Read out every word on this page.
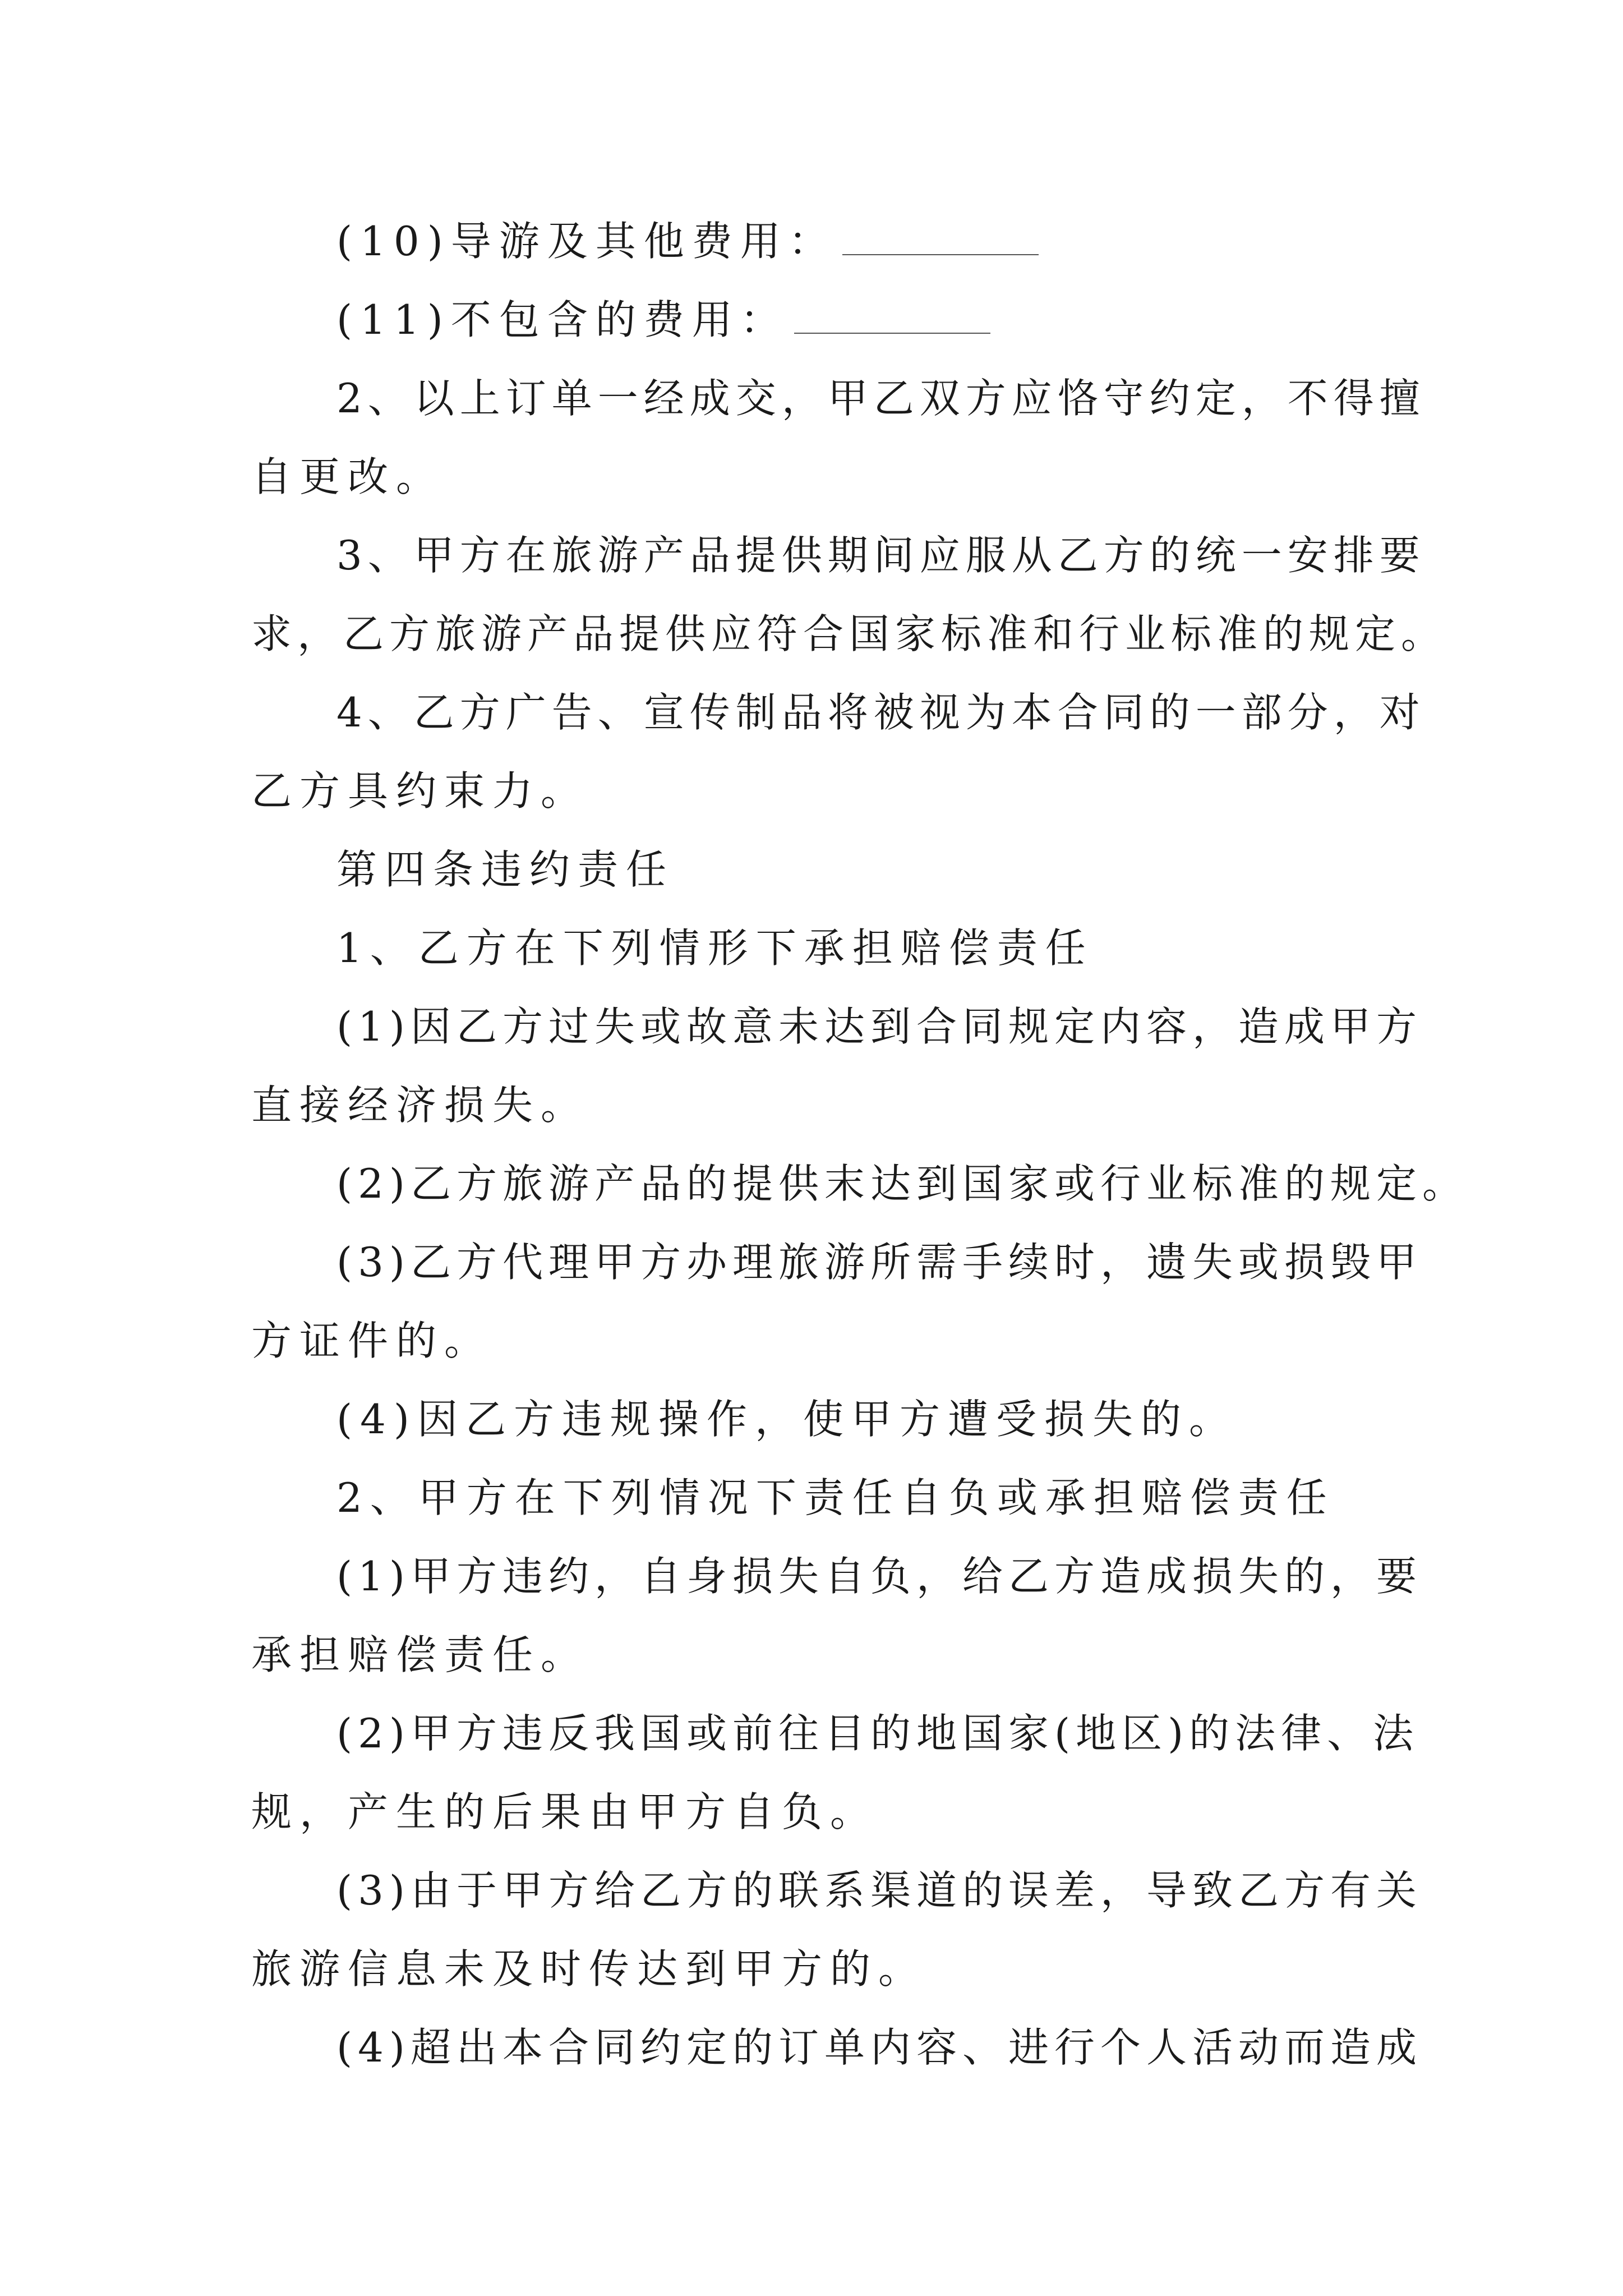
(10)导游及其他费用：
(11)不包含的费用：
2、以上订单一经成交，甲乙双方应恪守约定，不得擅
自更改。
3、甲方在旅游产品提供期间应服从乙方的统一安排要
求，乙方旅游产品提供应符合国家标准和行业标准的规定。
4、乙方广告、宣传制品将被视为本合同的一部分，对
乙方具约束力。
第四条违约责任
1、乙方在下列情形下承担赔偿责任
(1)因乙方过失或故意未达到合同规定内容，造成甲方
直接经济损失。
(2)乙方旅游产品的提供末达到国家或行业标准的规定。
(3)乙方代理甲方办理旅游所需手续时，遗失或损毁甲
方证件的。
(4)因乙方违规操作，使甲方遭受损失的。
2、甲方在下列情况下责任自负或承担赔偿责任
(1)甲方违约，自身损失自负，给乙方造成损失的，要
承担赔偿责任。
(2)甲方违反我国或前往目的地国家(地区)的法律、法
规，产生的后果由甲方自负。
(3)由于甲方给乙方的联系渠道的误差，导致乙方有关
旅游信息未及时传达到甲方的。
(4)超出本合同约定的订单内容、进行个人活动而造成
